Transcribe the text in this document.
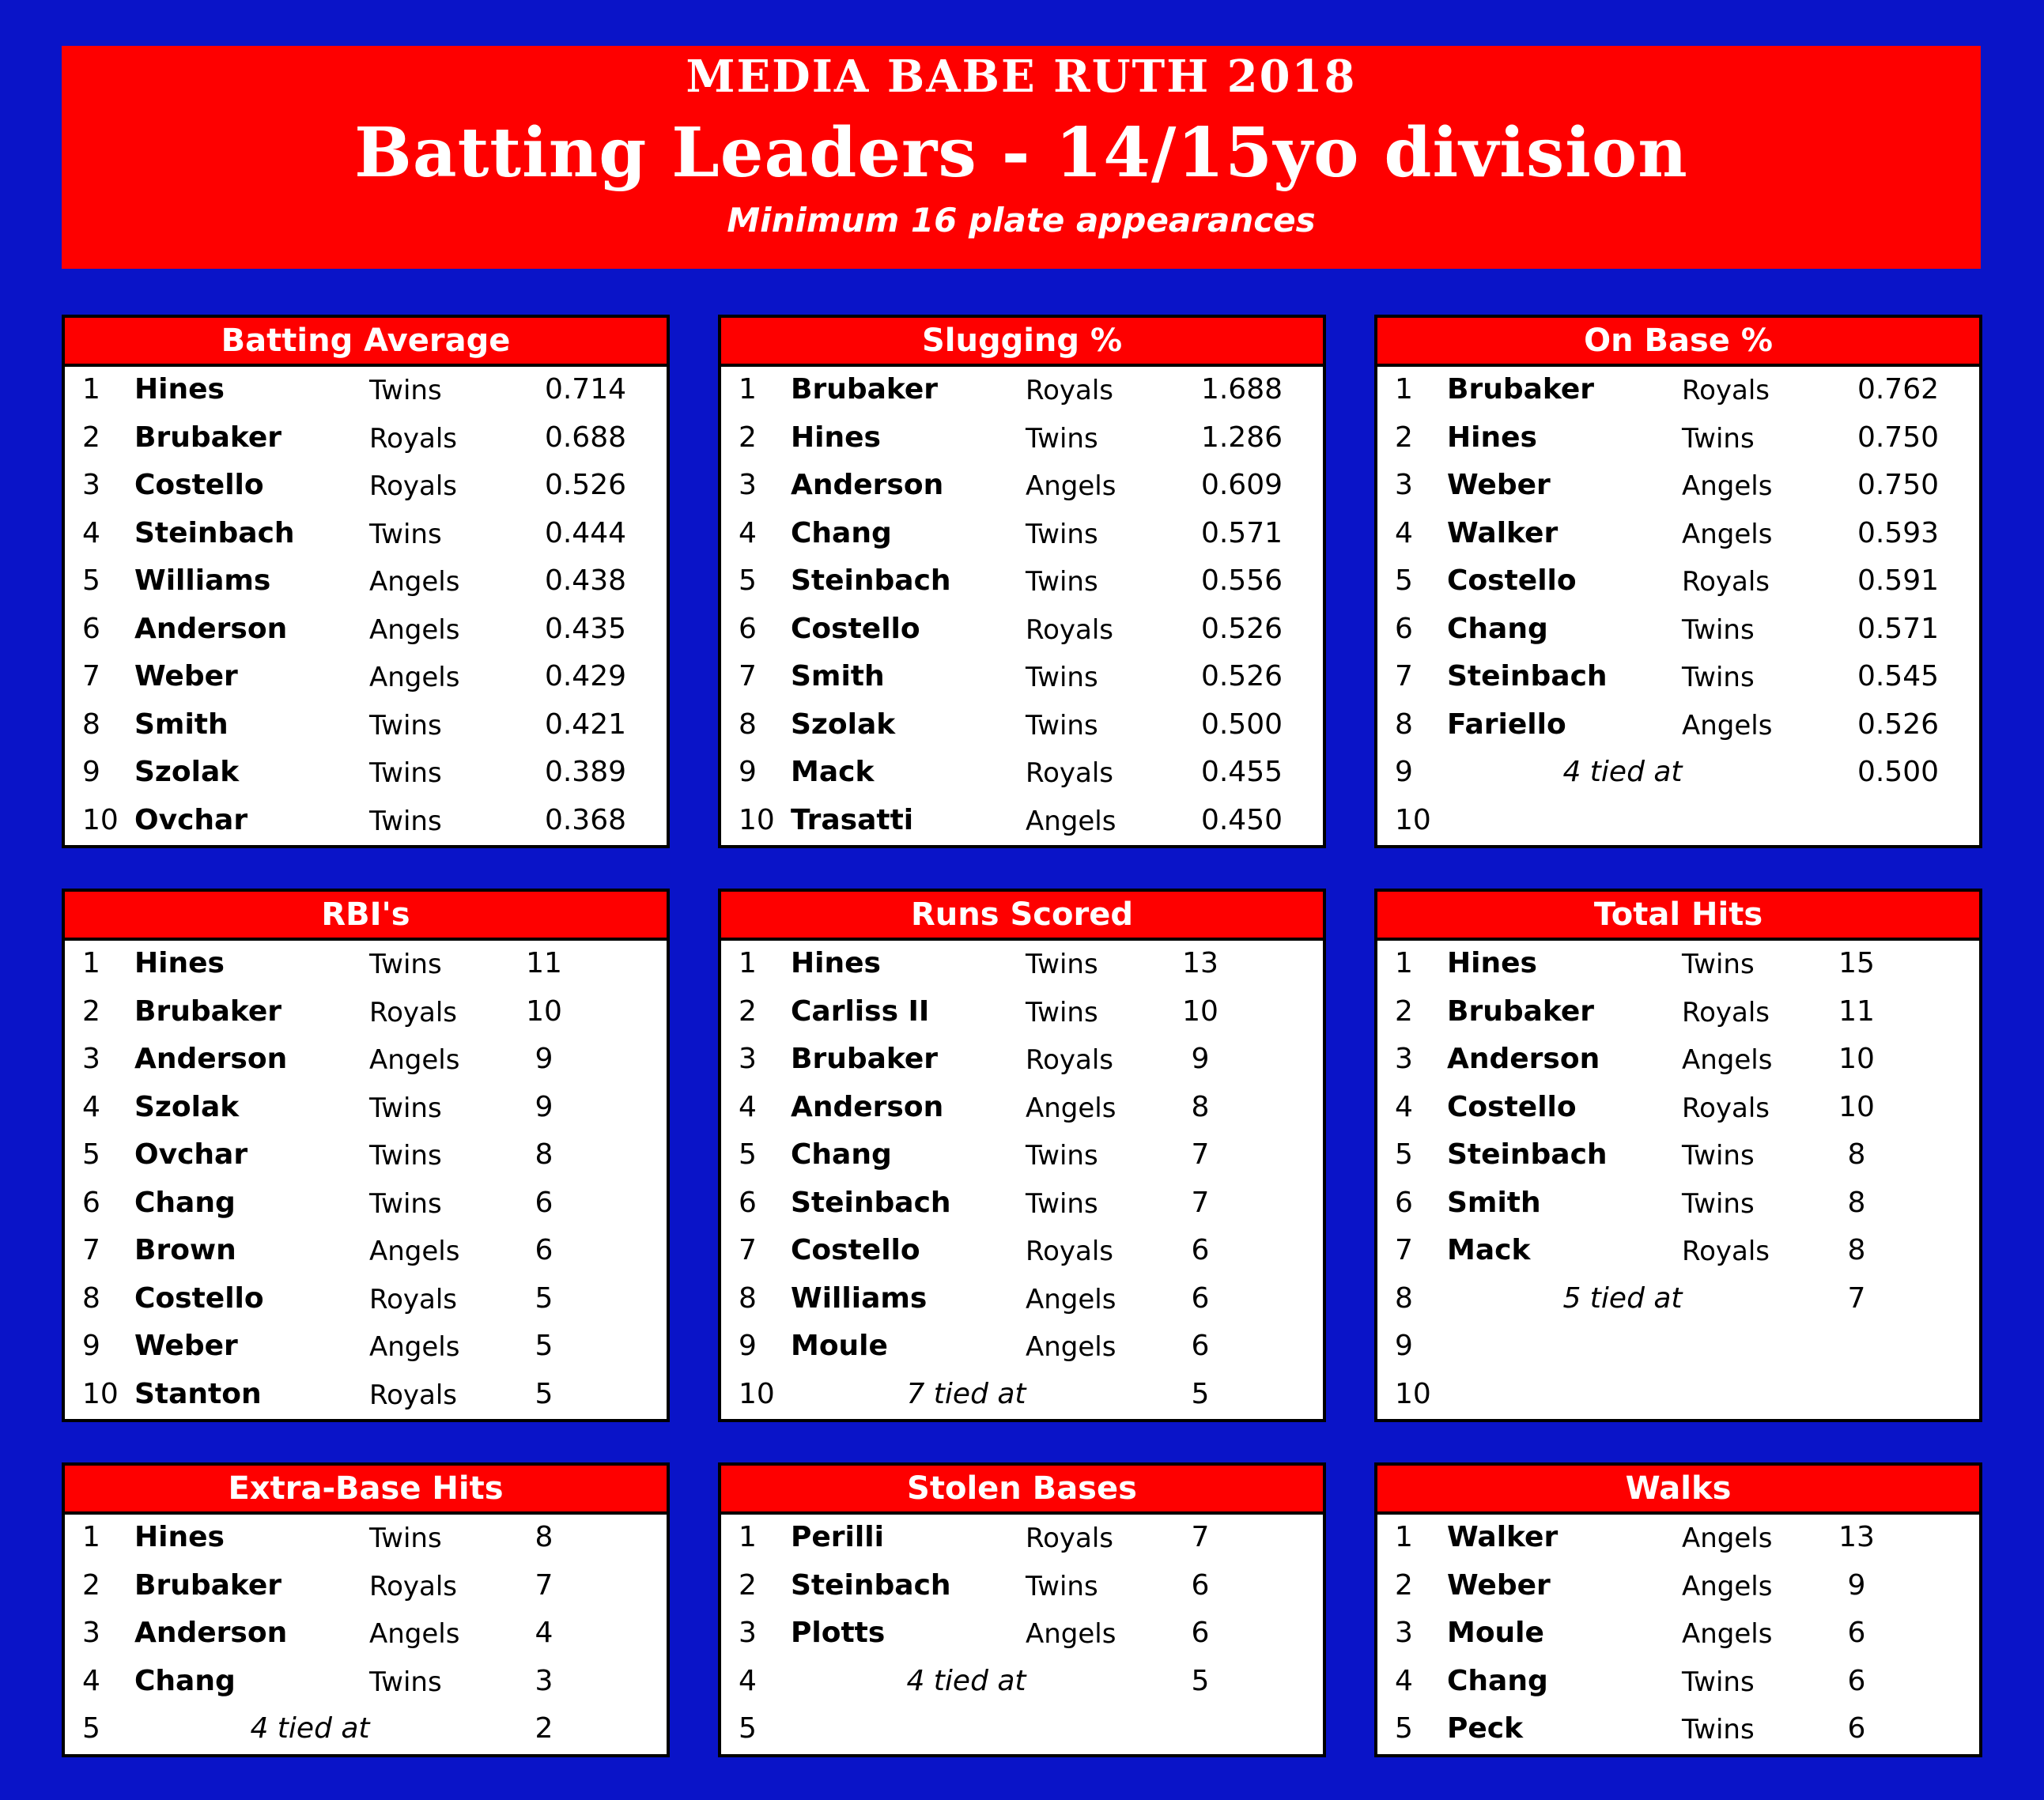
MEDIA BABE RUTH 2018
Batting Leaders - 14/15yo division
Minimum 16 plate appearances
Batting Average
1	Hines	Twins	0.714
2	Brubaker	Royals	0.688
3	Costello	Royals	0.526
4	Steinbach	Twins	0.444
5	Williams	Angels	0.438
6	Anderson	Angels	0.435
7	Weber	Angels	0.429
8	Smith	Twins	0.421
9	Szolak	Twins	0.389
10 Ovchar	Twins	0.368
Slugging %
1	Brubaker	Royals	1.688
2	Hines	Twins	1.286
3	Anderson	Angels	0.609
4	Chang	Twins	0.571
5	Steinbach	Twins	0.556
6	Costello	Royals	0.526
7	Smith	Twins	0.526
8	Szolak	Twins	0.500
9	Mack	Royals	0.455
10 Trasatti	Angels	0.450
On Base %
1	Brubaker	Royals	0.762
2	Hines	Twins	0.750
3	Weber	Angels	0.750
4	Walker	Angels	0.593
5	Costello	Royals	0.591
6	Chang	Twins	0.571
7	Steinbach	Twins	0.545
8	Fariello	Angels	0.526
9	4 tied at	0.500
10
RBI's
1	Hines	Twins	11
2	Brubaker	Royals	10
3	Anderson	Angels	9
4	Szolak	Twins	9
5	Ovchar	Twins	8
6	Chang	Twins	6
7	Brown	Angels	6
8	Costello	Royals	5
9	Weber	Angels	5
10 Stanton	Royals	5
Runs Scored
1	Hines	Twins	13
2	Carliss II	Twins	10
3	Brubaker	Royals	9
4	Anderson	Angels	8
5	Chang	Twins	7
6	Steinbach	Twins	7
7	Costello	Royals	6
8	Williams	Angels	6
9	Moule	Angels	6
10	7 tied at	5
Total Hits
1	Hines	Twins	15
2	Brubaker	Royals	11
3	Anderson	Angels	10
4	Costello	Royals	10
5	Steinbach	Twins	8
6	Smith	Twins	8
7	Mack	Royals	8
8	5 tied at	7
9
10
Extra-Base Hits
1	Hines	Twins	8
2	Brubaker	Royals	7
3	Anderson	Angels	4
4	Chang	Twins	3
5	4 tied at	2
Stolen Bases
1	Perilli	Royals	7
2	Steinbach	Twins	6
3	Plotts	Angels	6
4	4 tied at	5
5
Walks
1	Walker	Angels	13
2	Weber	Angels	9
3	Moule	Angels	6
4	Chang	Twins	6
5	Peck	Twins	6
